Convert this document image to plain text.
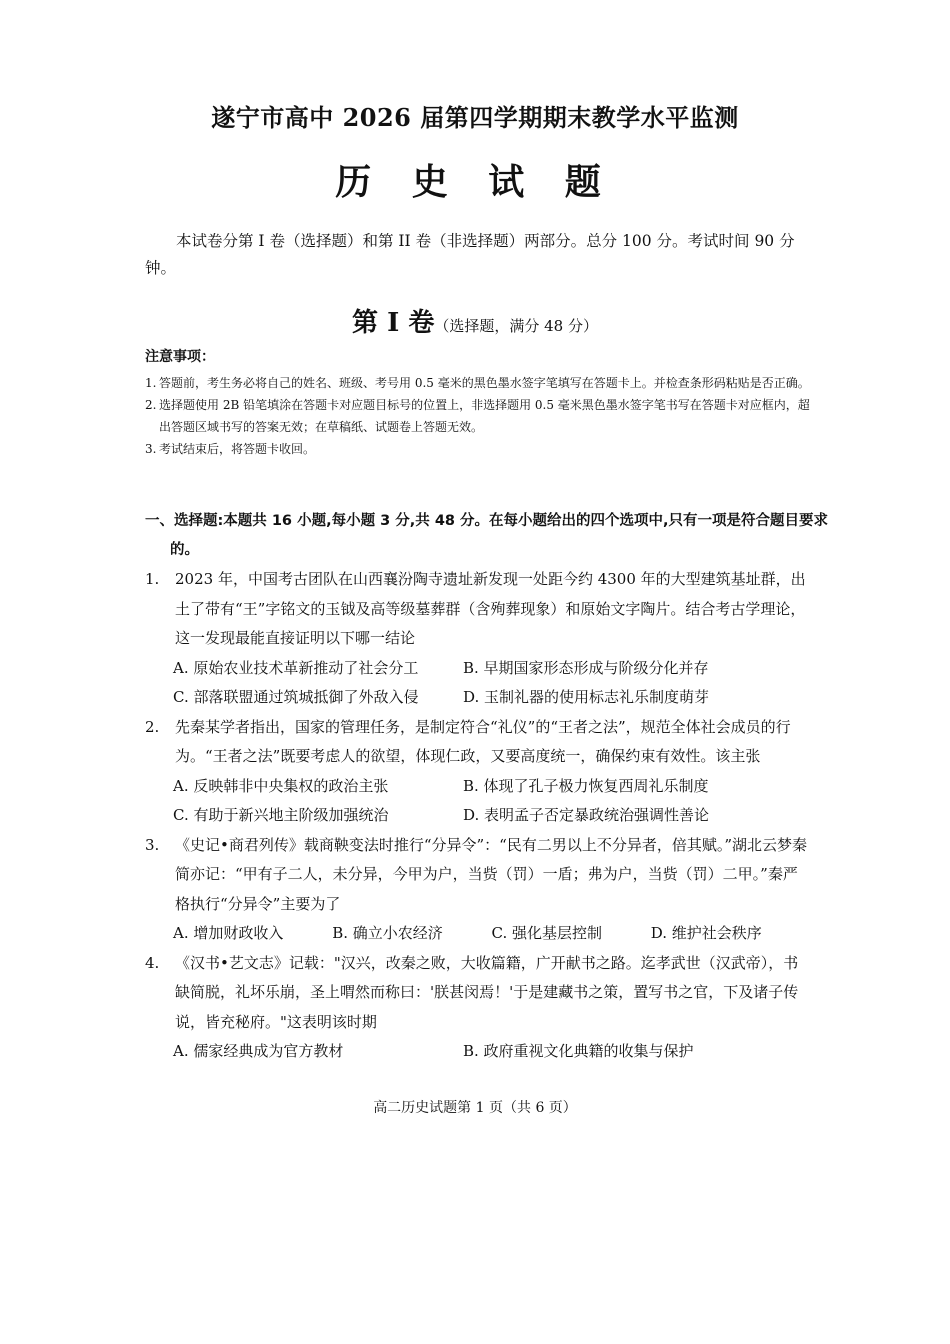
遂宁市高中 2026 届第四学期期末教学水平监测
历 史 试 题

本试卷分第 I 卷（选择题）和第 II 卷（非选择题）两部分。总分 100 分。考试时间 90 分钟。

第 Ⅰ 卷（选择题，满分 48 分）

注意事项：

1. 答题前，考生务必将自己的姓名、班级、考号用 0.5 毫米的黑色墨水签字笔填写在答题卡上。并检查条形码粘贴是否正确。
2. 选择题使用 2B 铅笔填涂在答题卡对应题目标号的位置上，非选择题用 0.5 毫米黑色墨水签字笔书写在答题卡对应框内，超出答题区域书写的答案无效；在草稿纸、试题卷上答题无效。
3. 考试结束后，将答题卡收回。

一、选择题:本题共 16 小题,每小题 3 分,共 48 分。在每小题给出的四个选项中,只有一项是符合题目要求的。

1.	2023 年，中国考古团队在山西襄汾陶寺遗址新发现一处距今约 4300 年的大型建筑基址群，出土了带有“王”字铭文的玉钺及高等级墓葬群（含殉葬现象）和原始文字陶片。结合考古学理论，这一发现最能直接证明以下哪一结论
A. 原始农业技术革新推动了社会分工	B. 早期国家形态形成与阶级分化并存
C. 部落联盟通过筑城抵御了外敌入侵	D. 玉制礼器的使用标志礼乐制度萌芽
2.	先秦某学者指出，国家的管理任务，是制定符合“礼仪”的“王者之法”，规范全体社会成员的行为。“王者之法”既要考虑人的欲望，体现仁政，又要高度统一，确保约束有效性。该主张
A. 反映韩非中央集权的政治主张	B. 体现了孔子极力恢复西周礼乐制度
C. 有助于新兴地主阶级加强统治	D. 表明孟子否定暴政统治强调性善论
3.	《史记•商君列传》载商鞅变法时推行“分异令”：“民有二男以上不分异者，倍其赋。”湖北云梦秦简亦记：“甲有子二人，未分异，今甲为户，当赀（罚）一盾；弗为户，当赀（罚）二甲。”秦严格执行“分异令”主要为了
A. 增加财政收入	B. 确立小农经济	C. 强化基层控制	D. 维护社会秩序
4.	《汉书•艺文志》记载："汉兴，改秦之败，大收篇籍，广开献书之路。迄孝武世（汉武帝），书缺简脱，礼坏乐崩，圣上喟然而称曰：'朕甚闵焉！'于是建藏书之策，置写书之官，下及诸子传说，皆充秘府。"这表明该时期
A. 儒家经典成为官方教材	B. 政府重视文化典籍的收集与保护

高二历史试题第 1 页（共 6 页）
